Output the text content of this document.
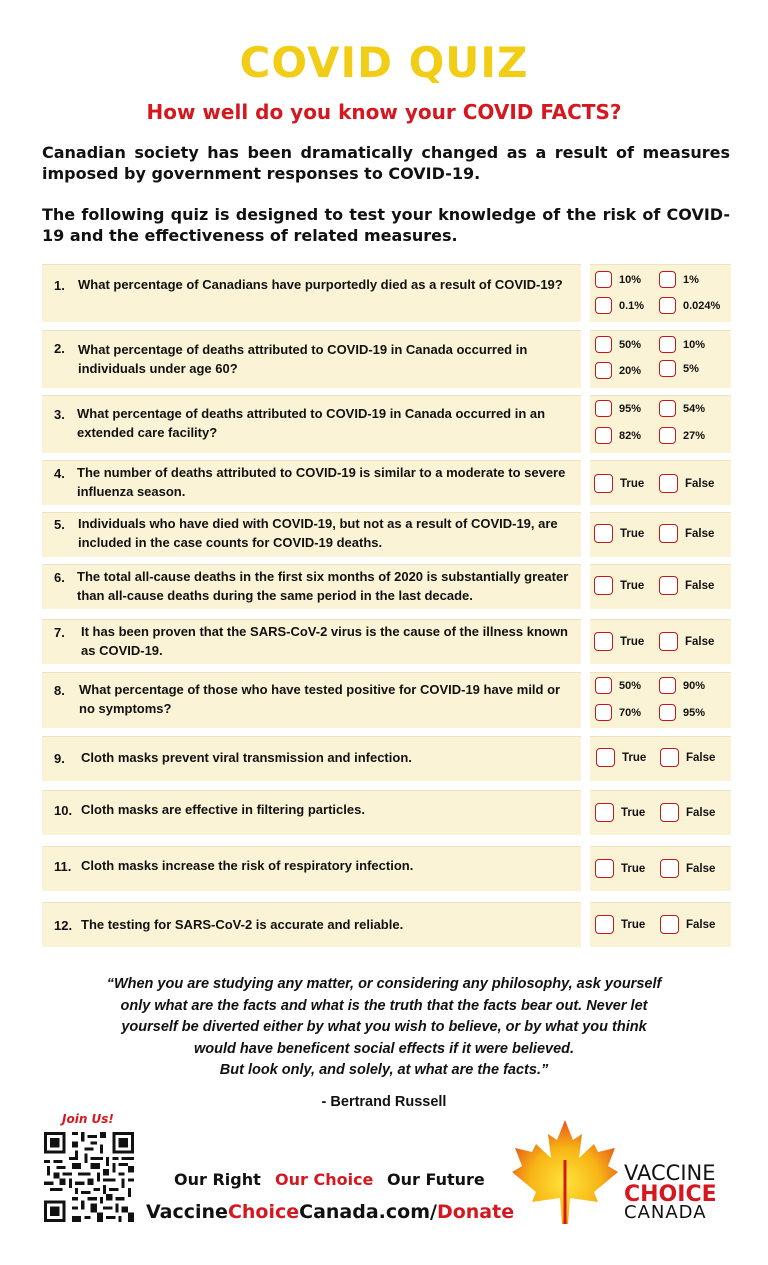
COVID QUIZ
How well do you know your COVID FACTS?

Canadian society has been dramatically changed as a result of measures imposed by government responses to COVID-19.

The following quiz is designed to test your knowledge of the risk of COVID-19 and the effectiveness of related measures.

1. What percentage of Canadians have purportedly died as a result of COVID-19?	10%	1%
0.1%	0.024%
2. What percentage of deaths attributed to COVID-19 in Canada occurred in individuals under age 60?
50%	10%
20%	5%
3. What percentage of deaths attributed to COVID-19 in Canada occurred in an extended care facility?
95%	54%
82%	27%
4. The number of deaths attributed to COVID-19 is similar to a moderate to severe influenza season.
True	False
5. Individuals who have died with COVID-19, but not as a result of COVID-19, are included in the case counts for COVID-19 deaths.
True	False
6. The total all-cause deaths in the first six months of 2020 is substantially greater than all-cause deaths during the same period in the last decade.
True	False
7. It has been proven that the SARS-CoV-2 virus is the cause of the illness known as COVID-19.
True	False
8. What percentage of those who have tested positive for COVID-19 have mild or no symptoms?
50%	90%
70%	95%
9. Cloth masks prevent viral transmission and infection.	True	False
10. Cloth masks are effective in filtering particles.	True	False
11. Cloth masks increase the risk of respiratory infection.	True	False
12. The testing for SARS-CoV-2 is accurate and reliable.	True	False
“When you are studying any matter, or considering any philosophy, ask yourself
only what are the facts and what is the truth that the facts bear out. Never let
yourself be diverted either by what you wish to believe, or by what you think
would have beneficent social effects if it were believed.
But look only, and solely, at what are the facts.”
- Bertrand Russell
Join Us!
Our Right Our Choice Our Future
VaccineChoiceCanada.com/Donate
VACCINE
CHOICE
CANADA
